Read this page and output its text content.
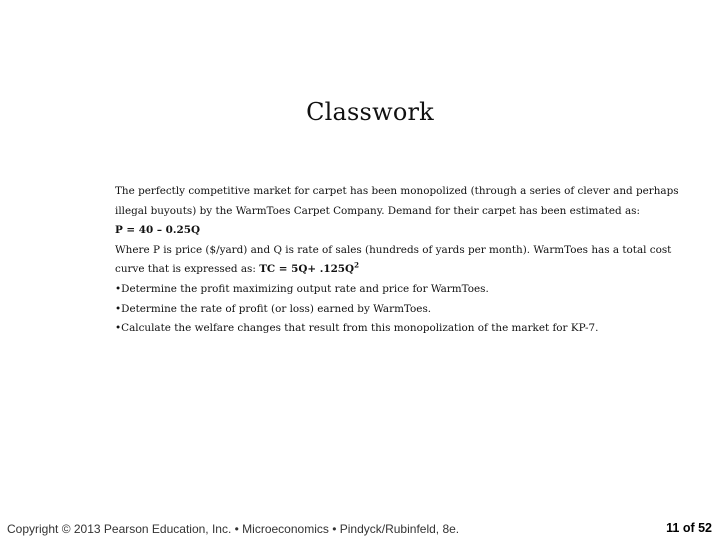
Classwork
The perfectly competitive market for carpet has been monopolized (through a series of clever and perhaps
illegal buyouts) by the WarmToes Carpet Company. Demand for their carpet has been estimated as:
P = 40 – 0.25Q
Where P is price ($/yard) and Q is rate of sales (hundreds of yards per month). WarmToes has a total cost
curve that is expressed as: TC = $5Q+ .125Q^2$
•Determine the profit maximizing output rate and price for WarmToes.
•Determine the rate of profit (or loss) earned by WarmToes.
•Calculate the welfare changes that result from this monopolization of the market for KP-7.
Copyright © 2013 Pearson Education, Inc. • Microeconomics • Pindyck/Rubinfeld, 8e.	11 of 52
